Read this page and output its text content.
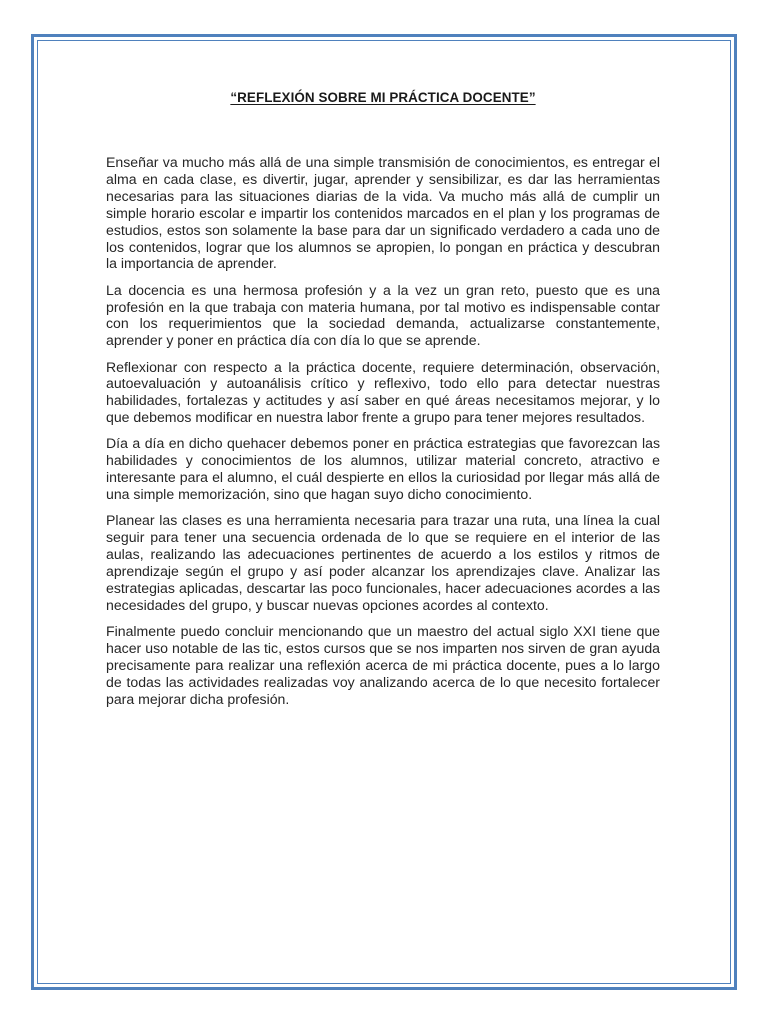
“REFLEXIÓN SOBRE MI PRÁCTICA DOCENTE”

Enseñar va mucho más allá de una simple transmisión de conocimientos, es entregar el alma en cada clase, es divertir, jugar, aprender y sensibilizar, es dar las herramientas necesarias para las situaciones diarias de la vida. Va mucho más allá de cumplir un simple horario escolar e impartir los contenidos marcados en el plan y los programas de estudios, estos son solamente la base para dar un significado verdadero a cada uno de los contenidos, lograr que los alumnos se apropien, lo pongan en práctica y descubran la importancia de aprender.

La docencia es una hermosa profesión y a la vez un gran reto, puesto que es una profesión en la que trabaja con materia humana, por tal motivo es indispensable contar con los requerimientos que la sociedad demanda, actualizarse constantemente, aprender y poner en práctica día con día lo que se aprende.

Reflexionar con respecto a la práctica docente, requiere determinación, observación, autoevaluación y autoanálisis crítico y reflexivo, todo ello para detectar nuestras habilidades, fortalezas y actitudes y así saber en qué áreas necesitamos mejorar, y lo que debemos modificar en nuestra labor frente a grupo para tener mejores resultados.

Día a día en dicho quehacer debemos poner en práctica estrategias que favorezcan las habilidades y conocimientos de los alumnos, utilizar material concreto, atractivo e interesante para el alumno, el cuál despierte en ellos la curiosidad por llegar más allá de una simple memorización, sino que hagan suyo dicho conocimiento.

Planear las clases es una herramienta necesaria para trazar una ruta, una línea la cual seguir para tener una secuencia ordenada de lo que se requiere en el interior de las aulas, realizando las adecuaciones pertinentes de acuerdo a los estilos y ritmos de aprendizaje según el grupo y así poder alcanzar los aprendizajes clave. Analizar las estrategias aplicadas, descartar las poco funcionales, hacer adecuaciones acordes a las necesidades del grupo, y buscar nuevas opciones acordes al contexto.

Finalmente puedo concluir mencionando que un maestro del actual siglo XXI tiene que hacer uso notable de las tic, estos cursos que se nos imparten nos sirven de gran ayuda precisamente para realizar una reflexión acerca de mi práctica docente, pues a lo largo de todas las actividades realizadas voy analizando acerca de lo que necesito fortalecer para mejorar dicha profesión.
